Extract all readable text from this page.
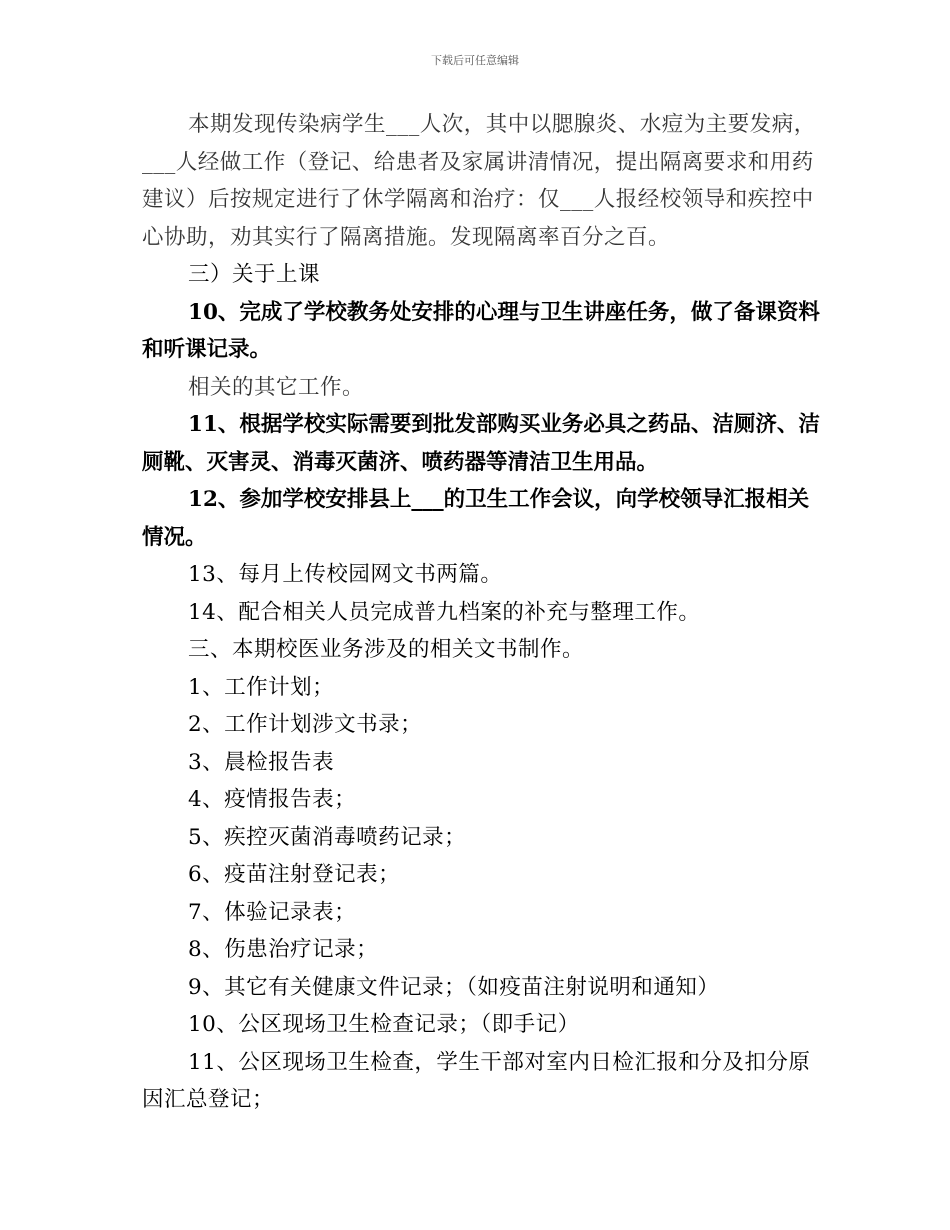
下载后可任意编辑

本期发现传染病学生___人次，其中以腮腺炎、水痘为主要发病，___人经做工作（登记、给患者及家属讲清情况，提出隔离要求和用药建议）后按规定进行了休学隔离和治疗：仅___人报经校领导和疾控中心协助，劝其实行了隔离措施。发现隔离率百分之百。

三）关于上课

10、完成了学校教务处安排的心理与卫生讲座任务，做了备课资料和听课记录。

相关的其它工作。

11、根据学校实际需要到批发部购买业务必具之药品、洁厕济、洁厕靴、灭害灵、消毒灭菌济、喷药器等清洁卫生用品。

12、参加学校安排县上___的卫生工作会议，向学校领导汇报相关情况。

13、每月上传校园网文书两篇。

14、配合相关人员完成普九档案的补充与整理工作。

三、本期校医业务涉及的相关文书制作。

1、工作计划；

2、工作计划涉文书录；

3、晨检报告表

4、疫情报告表；

5、疾控灭菌消毒喷药记录；

6、疫苗注射登记表；

7、体验记录表；

8、伤患治疗记录；

9、其它有关健康文件记录；（如疫苗注射说明和通知）

10、公区现场卫生检查记录；（即手记）

11、公区现场卫生检查，学生干部对室内日检汇报和分及扣分原因汇总登记；
